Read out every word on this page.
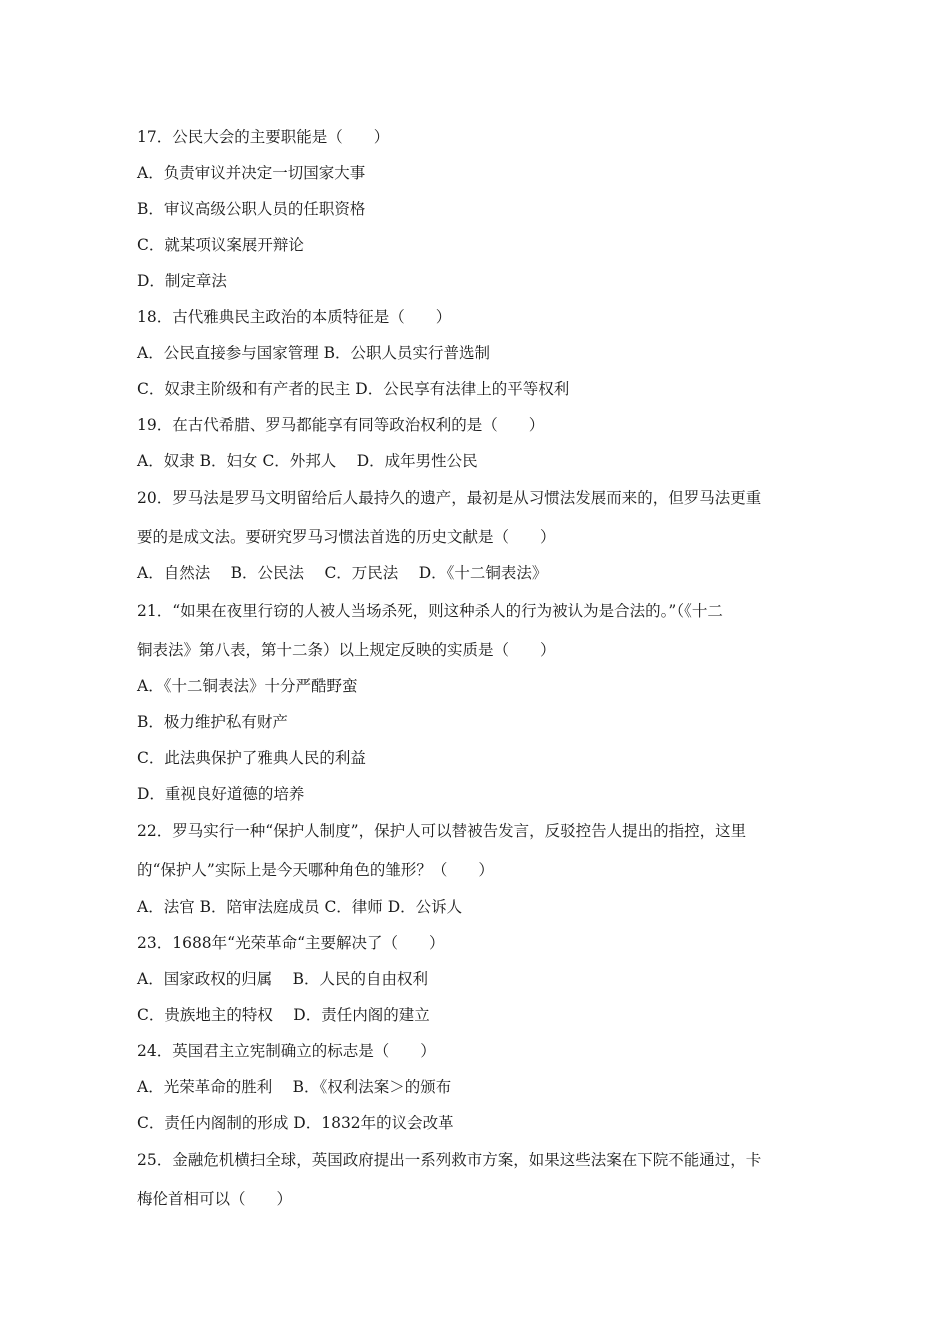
17．公民大会的主要职能是（　　）
A．负责审议并决定一切国家大事
B．审议高级公职人员的任职资格
C．就某项议案展开辩论
D．制定章法
18．古代雅典民主政治的本质特征是（　　）
A．公民直接参与国家管理 B．公职人员实行普选制
C．奴隶主阶级和有产者的民主 D．公民享有法律上的平等权利
19．在古代希腊、罗马都能享有同等政治权利的是（　　）
A．奴隶 B．妇女 C．外邦人　 D．成年男性公民
20．罗马法是罗马文明留给后人最持久的遗产，最初是从习惯法发展而来的，但罗马法更重
要的是成文法。要研究罗马习惯法首选的历史文献是（　　）
A．自然法　 B．公民法　 C．万民法　 D．《十二铜表法》
21．“如果在夜里行窃的人被人当场杀死，则这种杀人的行为被认为是合法的。”（《十二
铜表法》第八表，第十二条）以上规定反映的实质是（　　）
A．《十二铜表法》十分严酷野蛮
B．极力维护私有财产
C．此法典保护了雅典人民的利益
D．重视良好道德的培养
22．罗马实行一种“保护人制度”，保护人可以替被告发言，反驳控告人提出的指控，这里
的“保护人”实际上是今天哪种角色的雏形？（　　）
A．法官 B．陪审法庭成员 C．律师 D．公诉人
23．1688年“光荣革命“主要解决了（　　）
A．国家政权的归属　 B．人民的自由权利
C．贵族地主的特权　 D．责任内阁的建立
24．英国君主立宪制确立的标志是（　　）
A．光荣革命的胜利　 B．《权利法案＞的颁布
C．责任内阁制的形成 D．1832年的议会改革
25．金融危机横扫全球，英国政府提出一系列救市方案，如果这些法案在下院不能通过，卡
梅伦首相可以（　　）
